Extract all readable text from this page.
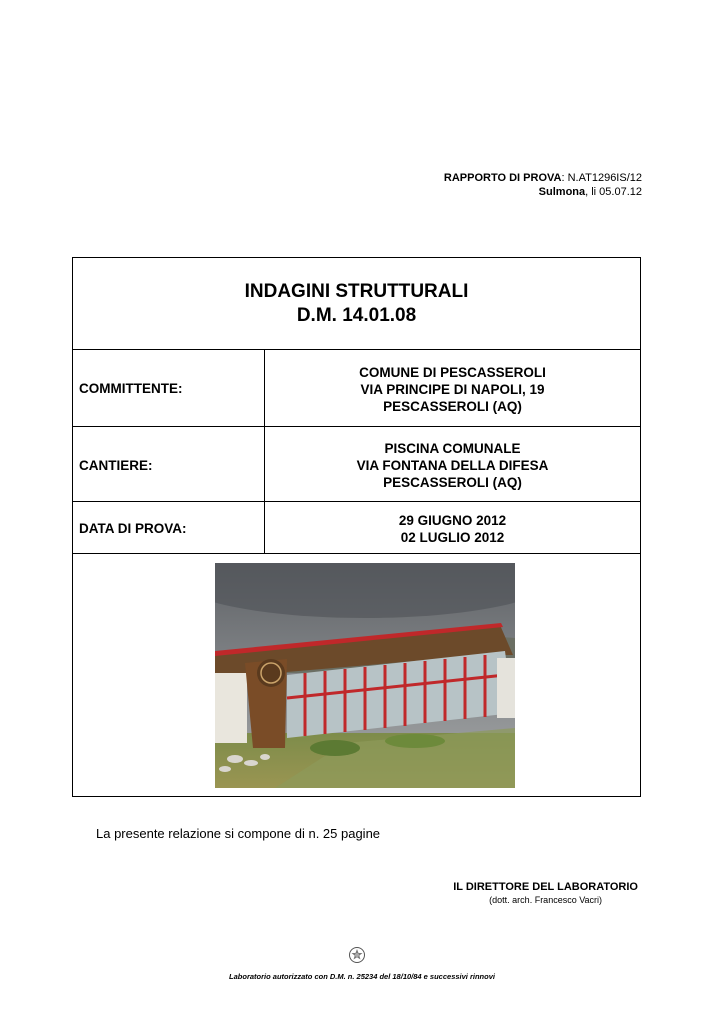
RAPPORTO DI PROVA: N.AT1296IS/12
Sulmona, li 05.07.12
INDAGINI STRUTTURALI
D.M. 14.01.08
COMMITTENTE:
COMUNE DI PESCASSEROLI
VIA PRINCIPE DI NAPOLI, 19
PESCASSEROLI (AQ)
CANTIERE:
PISCINA COMUNALE
VIA FONTANA DELLA DIFESA
PESCASSEROLI (AQ)
DATA DI PROVA:
29 GIUGNO 2012
02 LUGLIO 2012
La presente relazione si compone di n. 25 pagine
IL DIRETTORE DEL LABORATORIO
(dott. arch. Francesco Vacri)
Laboratorio autorizzato con D.M. n. 25234 del 18/10/84 e successivi rinnovi
